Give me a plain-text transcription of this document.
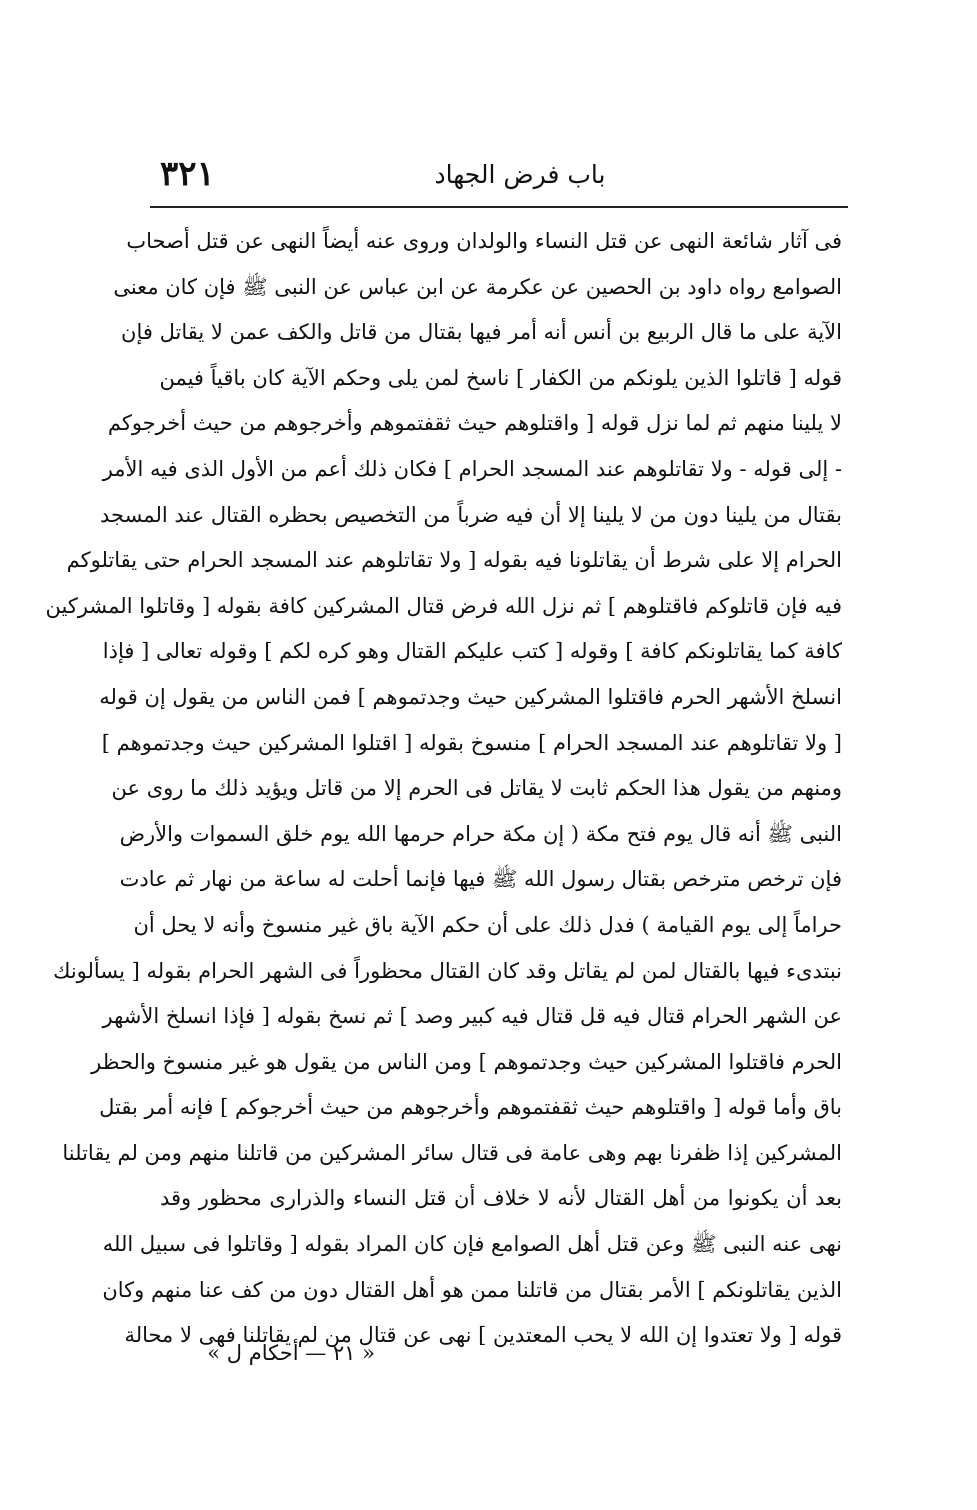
٣٢١	باب فرض الجهاد
فى آثار شائعة النهى عن قتل النساء والولدان وروى عنه أيضاً النهى عن قتل أصحاب
الصوامع رواه داود بن الحصين عن عكرمة عن ابن عباس عن النبى ﷺ فإن كان معنى
الآية على ما قال الربيع بن أنس أنه أمر فيها بقتال من قاتل والكف عمن لا يقاتل فإن
قوله [ قاتلوا الذين يلونكم من الكفار ] ناسخ لمن يلى وحكم الآية كان باقياً فيمن
لا يلينا منهم ثم لما نزل قوله [ واقتلوهم حيث ثقفتموهم وأخرجوهم من حيث أخرجوكم
- إلى قوله - ولا تقاتلوهم عند المسجد الحرام ] فكان ذلك أعم من الأول الذى فيه الأمر
بقتال من يلينا دون من لا يلينا إلا أن فيه ضرباً من التخصيص بحظره القتال عند المسجد
الحرام إلا على شرط أن يقاتلونا فيه بقوله [ ولا تقاتلوهم عند المسجد الحرام حتى يقاتلوكم
فيه فإن قاتلوكم فاقتلوهم ] ثم نزل الله فرض قتال المشركين كافة بقوله [ وقاتلوا المشركين
كافة كما يقاتلونكم كافة ] وقوله [ كتب عليكم القتال وهو كره لكم ] وقوله تعالى [ فإذا
انسلخ الأشهر الحرم فاقتلوا المشركين حيث وجدتموهم ] فمن الناس من يقول إن قوله
[ ولا تقاتلوهم عند المسجد الحرام ] منسوخ بقوله [ اقتلوا المشركين حيث وجدتموهم ]
ومنهم من يقول هذا الحكم ثابت لا يقاتل فى الحرم إلا من قاتل ويؤيد ذلك ما روى عن
النبى ﷺ أنه قال يوم فتح مكة ( إن مكة حرام حرمها الله يوم خلق السموات والأرض
فإن ترخص مترخص بقتال رسول الله ﷺ فيها فإنما أحلت له ساعة من نهار ثم عادت
حراماً إلى يوم القيامة ) فدل ذلك على أن حكم الآية باق غير منسوخ وأنه لا يحل أن
نبتدىء فيها بالقتال لمن لم يقاتل وقد كان القتال محظوراً فى الشهر الحرام بقوله [ يسألونك
عن الشهر الحرام قتال فيه قل قتال فيه كبير وصد ] ثم نسخ بقوله [ فإذا انسلخ الأشهر
الحرم فاقتلوا المشركين حيث وجدتموهم ] ومن الناس من يقول هو غير منسوخ والحظر
باق وأما قوله [ واقتلوهم حيث ثقفتموهم وأخرجوهم من حيث أخرجوكم ] فإنه أمر بقتل
المشركين إذا ظفرنا بهم وهى عامة فى قتال سائر المشركين من قاتلنا منهم ومن لم يقاتلنا
بعد أن يكونوا من أهل القتال لأنه لا خلاف أن قتل النساء والذرارى محظور وقد
نهى عنه النبى ﷺ وعن قتل أهل الصوامع فإن كان المراد بقوله [ وقاتلوا فى سبيل الله
الذين يقاتلونكم ] الأمر بقتال من قاتلنا ممن هو أهل القتال دون من كف عنا منهم وكان
قوله [ ولا تعتدوا إن الله لا يحب المعتدين ] نهى عن قتال من لم يقاتلنا فهى لا محالة
« ٢١ — أحكام ل »
